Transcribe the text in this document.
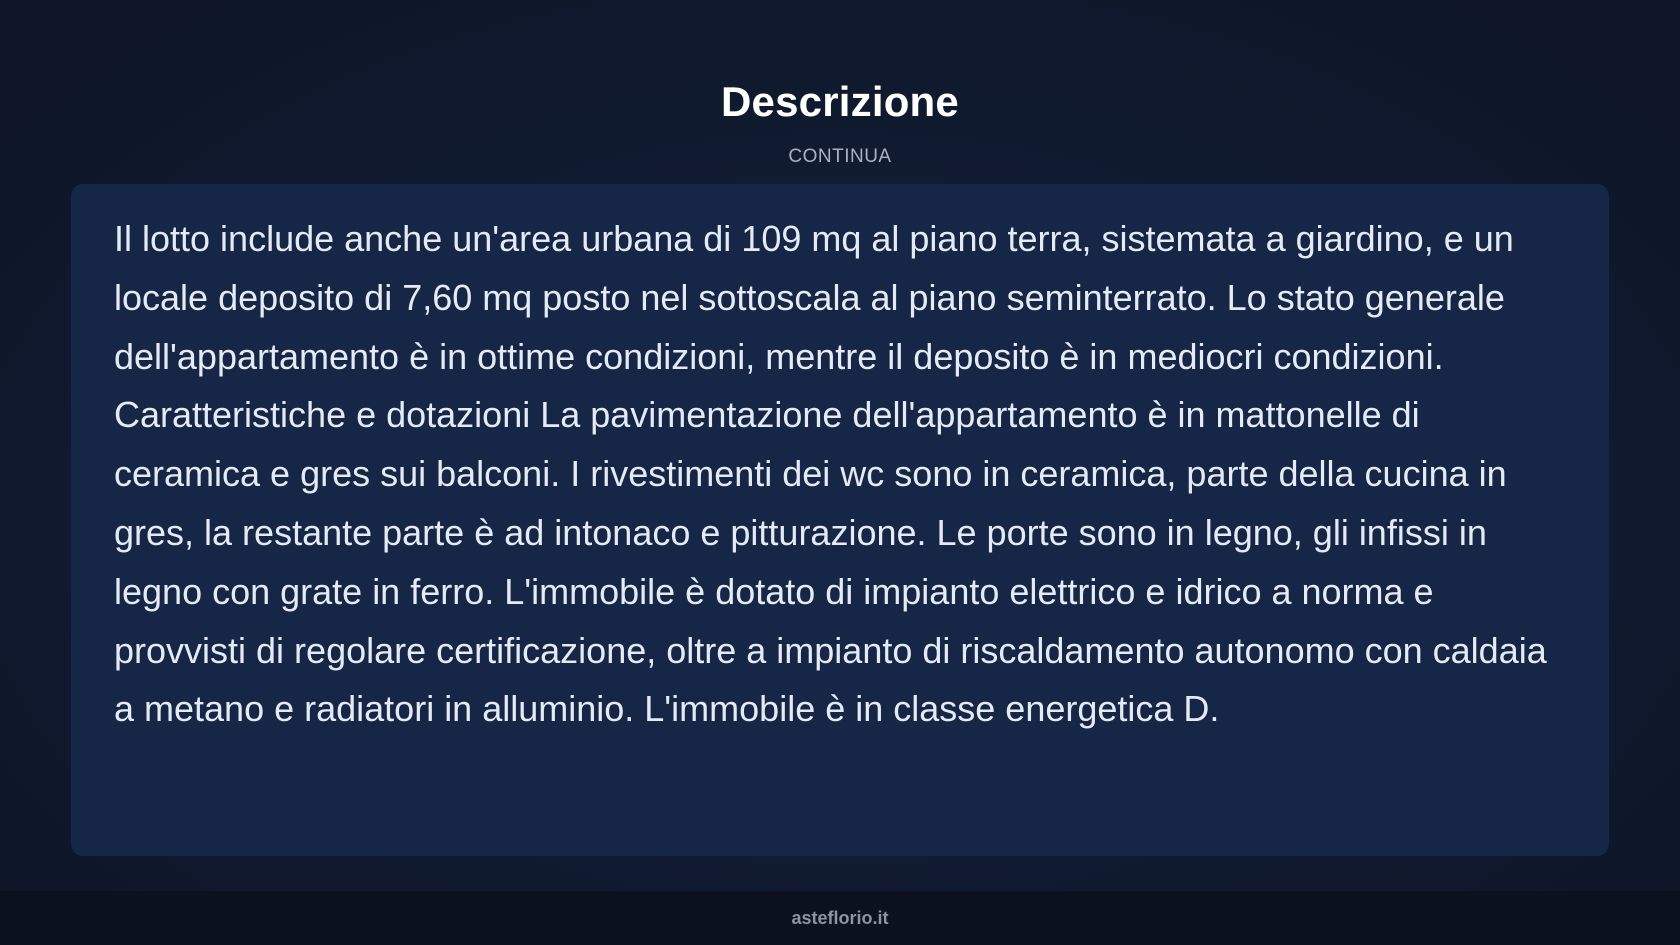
Descrizione
CONTINUA

Il lotto include anche un'area urbana di 109 mq al piano terra, sistemata a giardino, e un locale deposito di 7,60 mq posto nel sottoscala al piano seminterrato. Lo stato generale dell'appartamento è in ottime condizioni, mentre il deposito è in mediocri condizioni. Caratteristiche e dotazioni La pavimentazione dell'appartamento è in mattonelle di ceramica e gres sui balconi. I rivestimenti dei wc sono in ceramica, parte della cucina in gres, la restante parte è ad intonaco e pitturazione. Le porte sono in legno, gli infissi in legno con grate in ferro. L'immobile è dotato di impianto elettrico e idrico a norma e provvisti di regolare certificazione, oltre a impianto di riscaldamento autonomo con caldaia a metano e radiatori in alluminio. L'immobile è in classe energetica D.

asteflorio.it
